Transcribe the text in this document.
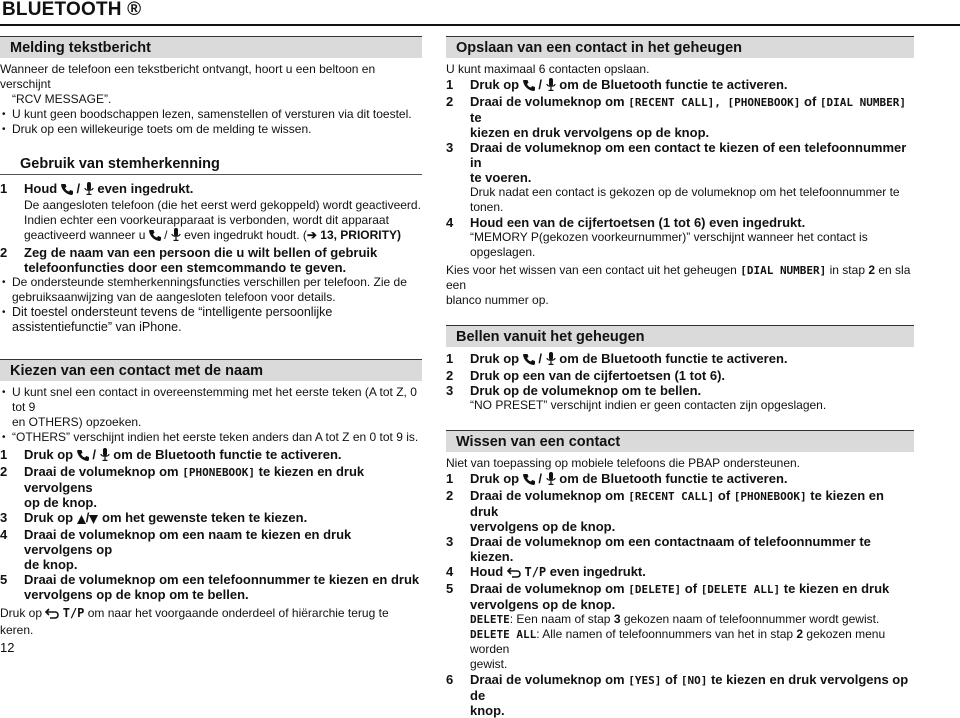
BLUETOOTH ®
Melding tekstbericht

Wanneer de telefoon een tekstbericht ontvangt, hoort u een beltoon en verschijnt

“RCV MESSAGE”.

• U kunt geen boodschappen lezen, samenstellen of versturen via dit toestel.
• Druk op een willekeurige toets om de melding te wissen.
Gebruik van stemherkenning
1 Houd / even ingedrukt.
De aangesloten telefoon (die het eerst werd gekoppeld) wordt geactiveerd.
Indien echter een voorkeurapparaat is verbonden, wordt dit apparaat
geactiveerd wanneer u / even ingedrukt houdt. (➔ 13, PRIORITY)
2 Zeg de naam van een persoon die u wilt bellen of gebruik
telefoonfuncties door een stemcommando te geven.
• De ondersteunde stemherkenningsfuncties verschillen per telefoon. Zie de
gebruiksaanwijzing van de aangesloten telefoon voor details.
• Dit toestel ondersteunt tevens de “intelligente persoonlijke
assistentiefunctie” van iPhone.
Kiezen van een contact met de naam
• U kunt snel een contact in overeenstemming met het eerste teken (A tot Z, 0 tot 9
en OTHERS) opzoeken.
• “OTHERS” verschijnt indien het eerste teken anders dan A tot Z en 0 tot 9 is.
1 Druk op / om de Bluetooth functie te activeren.
2 Draai de volumeknop om [PHONEBOOK] te kiezen en druk vervolgens
op de knop.
3 Druk op / om het gewenste teken te kiezen.
4 Draai de volumeknop om een naam te kiezen en druk vervolgens op
de knop.
5 Draai de volumeknop om een telefoonnummer te kiezen en druk
vervolgens op de knop om te bellen.

Druk op T/P om naar het voorgaande onderdeel of hiërarchie terug te keren.

Opslaan van een contact in het geheugen

U kunt maximaal 6 contacten opslaan.

1 Druk op / om de Bluetooth functie te activeren.
2 Draai de volumeknop om [RECENT CALL], [PHONEBOOK] of [DIAL NUMBER] te
kiezen en druk vervolgens op de knop.
3 Draai de volumeknop om een contact te kiezen of een telefoonnummer in
te voeren.
Druk nadat een contact is gekozen op de volumeknop om het telefoonnummer te tonen.
4 Houd een van de cijfertoetsen (1 tot 6) even ingedrukt.
“MEMORY P(gekozen voorkeurnummer)” verschijnt wanneer het contact is opgeslagen.

Kies voor het wissen van een contact uit het geheugen [DIAL NUMBER] in stap 2 en sla een

blanco nummer op.

Bellen vanuit het geheugen
1 Druk op / om de Bluetooth functie te activeren.
2 Druk op een van de cijfertoetsen (1 tot 6).
3 Druk op de volumeknop om te bellen.
“NO PRESET” verschijnt indien er geen contacten zijn opgeslagen.
Wissen van een contact

Niet van toepassing op mobiele telefoons die PBAP ondersteunen.

1 Druk op / om de Bluetooth functie te activeren.
2 Draai de volumeknop om [RECENT CALL] of [PHONEBOOK] te kiezen en druk
vervolgens op de knop.
3 Draai de volumeknop om een contactnaam of telefoonnummer te kiezen.
4 Houd T/P even ingedrukt.
5 Draai de volumeknop om [DELETE] of [DELETE ALL] te kiezen en druk
vervolgens op de knop.
DELETE: Een naam of stap 3 gekozen naam of telefoonnummer wordt gewist.
DELETE ALL: Alle namen of telefoonnummers van het in stap 2 gekozen menu worden
gewist.
6 Draai de volumeknop om [YES] of [NO] te kiezen en druk vervolgens op de
knop.
12
